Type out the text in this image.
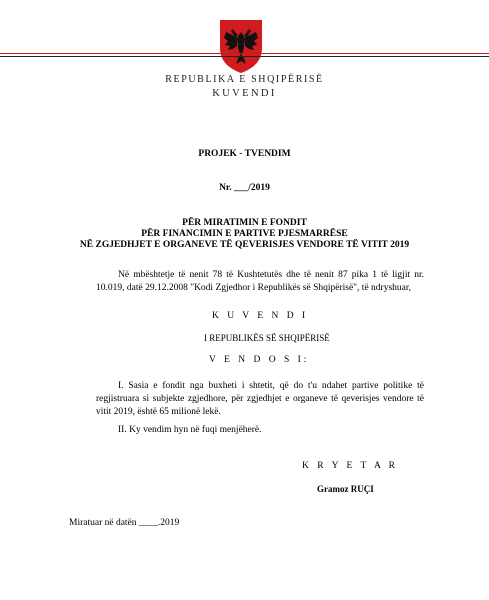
REPUBLIKA E SHQIPËRISË
KUVENDI
PROJEK - TVENDIM
Nr. ___/2019
PËR MIRATIMIN E FONDIT
PËR FINANCIMIN E PARTIVE PJESMARRËSE
NË ZGJEDHJET E ORGANEVE TË QEVERISJES VENDORE TË VITIT 2019
Në mbështetje të nenit 78 të Kushtetutës dhe të nenit 87 pika 1 të ligjit nr. 10.019, datë 29.12.2008 "Kodi Zgjedhor i Republikës së Shqipërisë", të ndryshuar,
K U V E N D I
I REPUBLIKËS SË SHQIPËRISË
V E N D O S I:
I. Sasia e fondit nga buxheti i shtetit, që do t'u ndahet partive politike të regjistruara si subjekte zgjedhore, për zgjedhjet e organeve të qeverisjes vendore të vitit 2019, është 65 milionë lekë.
II. Ky vendim hyn në fuqi menjëherë.
K R Y E T A R
Gramoz RUÇI
Miratuar në datën ____.2019
